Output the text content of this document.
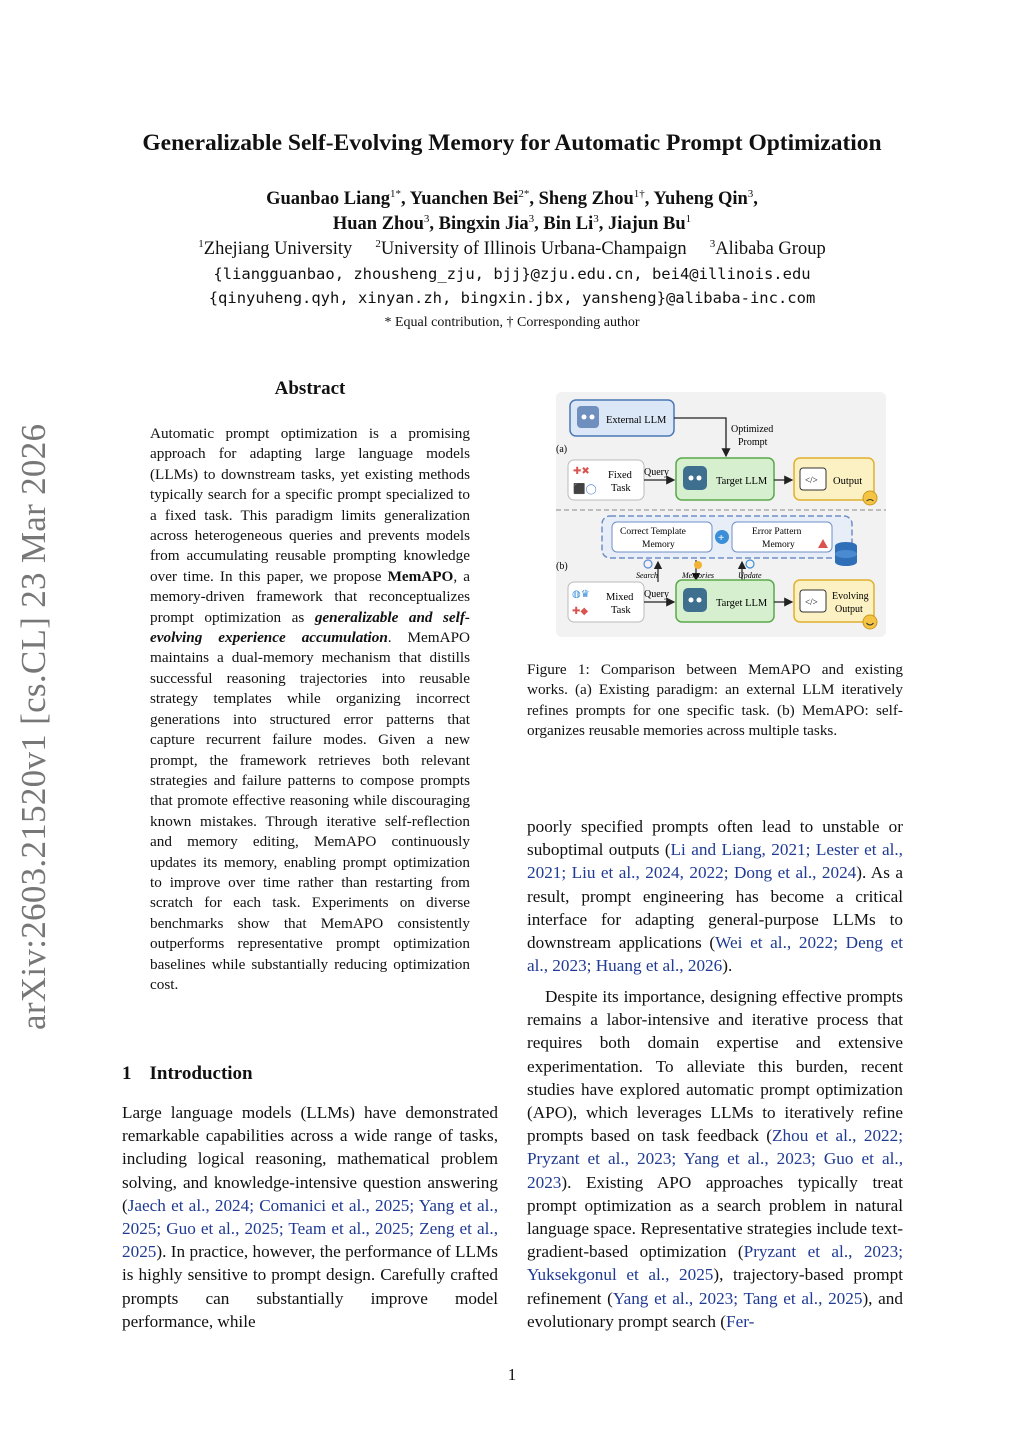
Generalizable Self-Evolving Memory for Automatic Prompt Optimization
Guanbao Liang$^{1*}$, Yuanchen Bei$^{2*}$, Sheng Zhou$^{1\dagger}$, Yuheng Qin$^3$,
Huan Zhou$^3$, Bingxin Jia$^3$, Bin Li$^3$, Jiajun Bu$^1$
$^1$Zhejiang University  $^2$University of Illinois Urbana-Champaign  $^3$Alibaba Group
{liangguanbao, zhousheng_zju, bjj}@zju.edu.cn, bei4@illinois.edu
{qinyuheng.qyh, xinyan.zh, bingxin.jbx, yansheng}@alibaba-inc.com
* Equal contribution, † Corresponding author
arXiv:2603.21520v1 [cs.CL] 23 Mar 2026
Abstract
Automatic prompt optimization is a promising approach for adapting large language models (LLMs) to downstream tasks, yet existing methods typically search for a specific prompt specialized to a fixed task. This paradigm limits generalization across heterogeneous queries and prevents models from accumulating reusable prompting knowledge over time. In this paper, we propose MemAPO, a memory-driven framework that reconceptualizes prompt optimization as generalizable and self-evolving experience accumulation. MemAPO maintains a dual-memory mechanism that distills successful reasoning trajectories into reusable strategy templates while organizing incorrect generations into structured error patterns that capture recurrent failure modes. Given a new prompt, the framework retrieves both relevant strategies and failure patterns to compose prompts that promote effective reasoning while discouraging known mistakes. Through iterative self-reflection and memory editing, MemAPO continuously updates its memory, enabling prompt optimization to improve over time rather than restarting from scratch for each task. Experiments on diverse benchmarks show that MemAPO consistently outperforms representative prompt optimization baselines while substantially reducing optimization cost.
1 Introduction
Large language models (LLMs) have demonstrated remarkable capabilities across a wide range of tasks, including logical reasoning, mathematical problem solving, and knowledge-intensive question answering (Jaech et al., 2024; Comanici et al., 2025; Yang et al., 2025; Guo et al., 2025; Team et al., 2025; Zeng et al., 2025). In practice, however, the performance of LLMs is highly sensitive to prompt design. Carefully crafted prompts can substantially improve model performance, while
poorly specified prompts often lead to unstable or suboptimal outputs (Li and Liang, 2021; Lester et al., 2021; Liu et al., 2024, 2022; Dong et al., 2024). As a result, prompt engineering has become a critical interface for adapting general-purpose LLMs to downstream applications (Wei et al., 2022; Deng et al., 2023; Huang et al., 2026).
Despite its importance, designing effective prompts remains a labor-intensive and iterative process that requires both domain expertise and extensive experimentation. To alleviate this burden, recent studies have explored automatic prompt optimization (APO), which leverages LLMs to iteratively refine prompts based on task feedback (Zhou et al., 2022; Pryzant et al., 2023; Yang et al., 2023; Guo et al., 2023). Existing APO approaches typically treat prompt optimization as a search problem in natural language space. Representative strategies include text-gradient-based optimization (Pryzant et al., 2023; Yuksekgonul et al., 2025), trajectory-based prompt refinement (Yang et al., 2023; Tang et al., 2025), and evolutionary prompt search (Fer-
(a)
External LLM
Optimized
Prompt
✚✖
⬛◯
Fixed
Task
Query
Target LLM	</> Output
(b)
Correct Template
Memory
+	Error Pattern
Memory
Search	Memories	Update
◍♛
✚◆
Mixed
Task
Query
Target LLM	</> Evolving
Output
Figure 1: Comparison between MemAPO and existing works. (a) Existing paradigm: an external LLM iteratively refines prompts for one specific task. (b) MemAPO: self-organizes reusable memories across multiple tasks.
1
